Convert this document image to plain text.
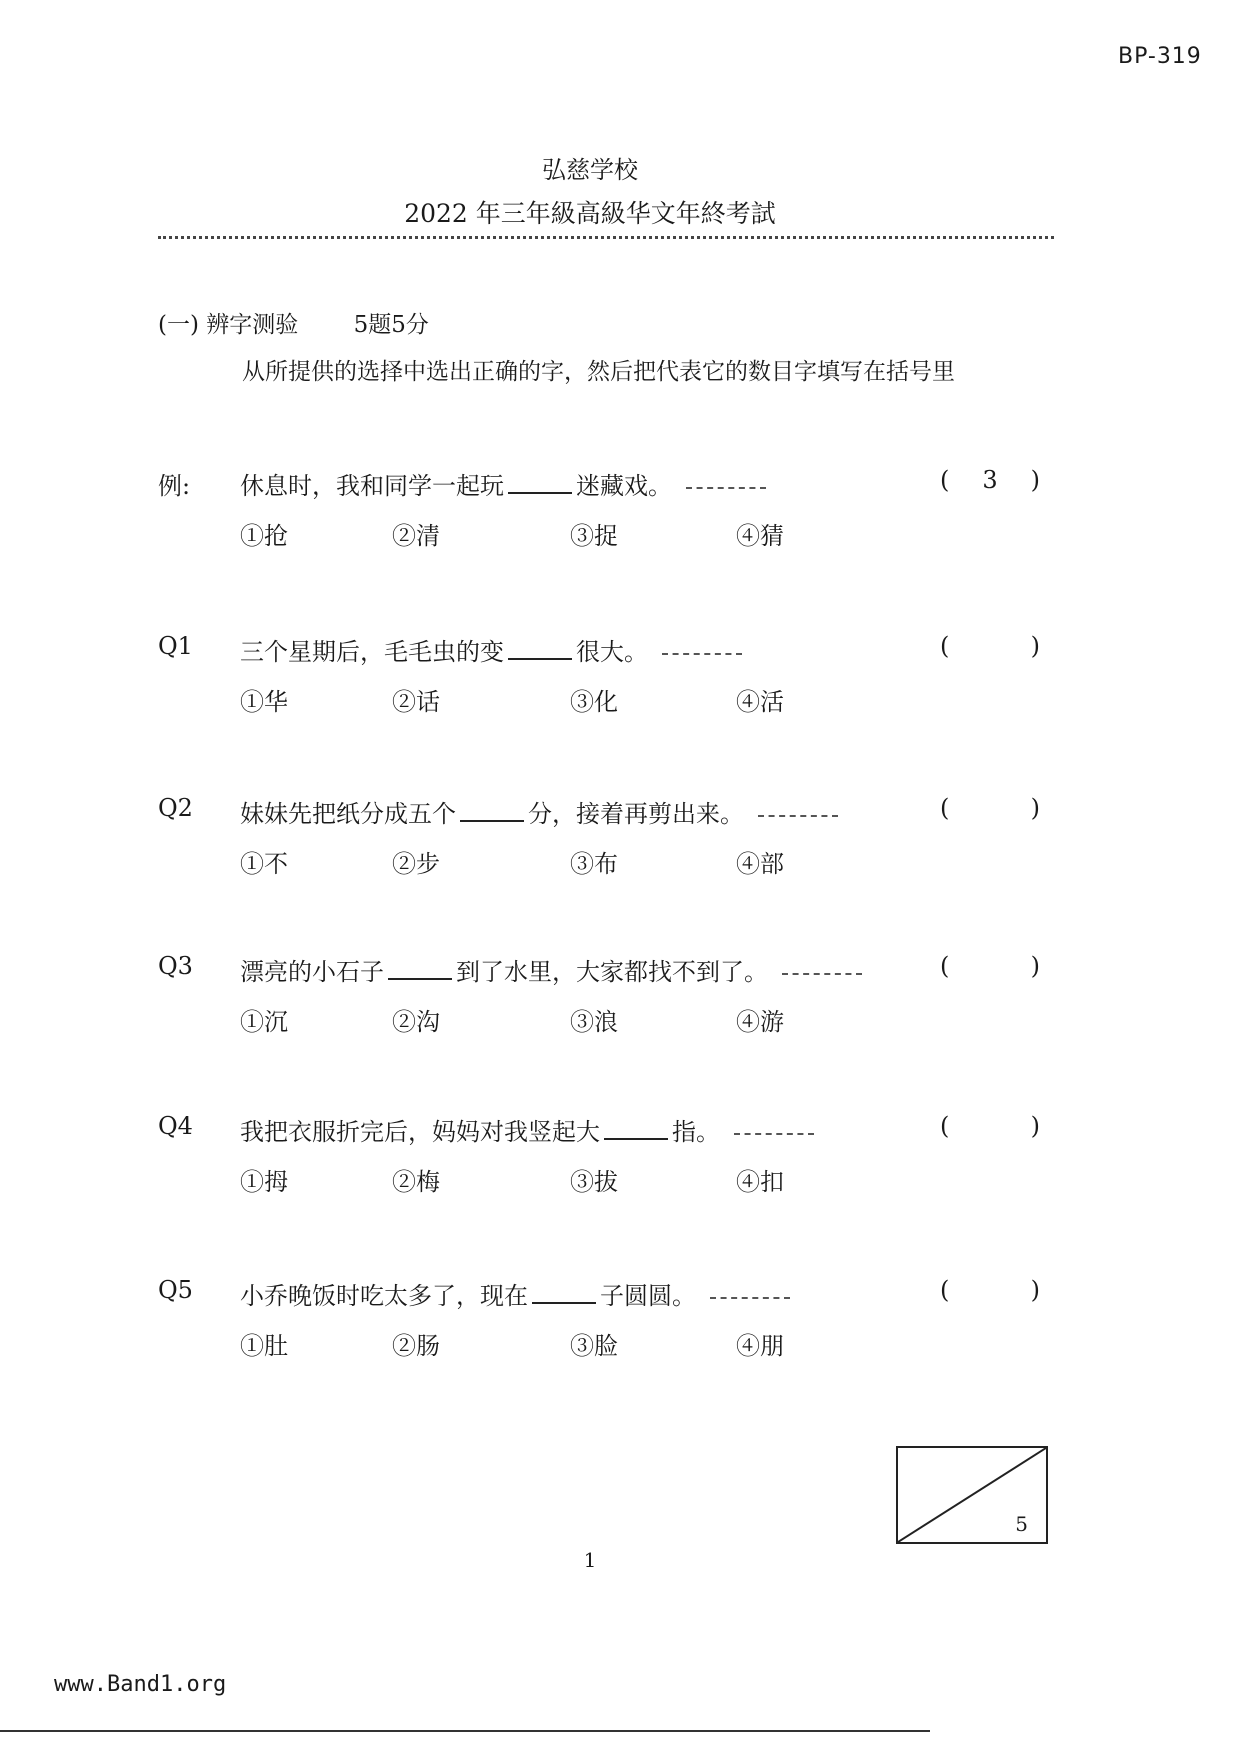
BP-319
弘慈学校
2022 年三年級高級华文年終考試
(一) 辨字测验 5题5分
从所提供的选择中选出正确的字，然后把代表它的数目字填写在括号里
例:	休息时，我和同学一起玩	迷藏戏。	( 3 )
①抢	②清	③捉	④猜
Q1	三个星期后，毛毛虫的变	很大。	(	)
①华	②话	③化	④活
Q2	妹妹先把纸分成五个	分，接着再剪出来。	(	)
①不	②步	③布	④部
Q3	漂亮的小石子	到了水里，大家都找不到了。	(	)
①沉	②沟	③浪	④游
Q4	我把衣服折完后，妈妈对我竖起大	指。	(	)
①拇	②梅	③拔	④扣
Q5	小乔晚饭时吃太多了，现在	子圆圆。	(	)
①肚	②肠	③脸	④朋
5
1
www.Band1.org
